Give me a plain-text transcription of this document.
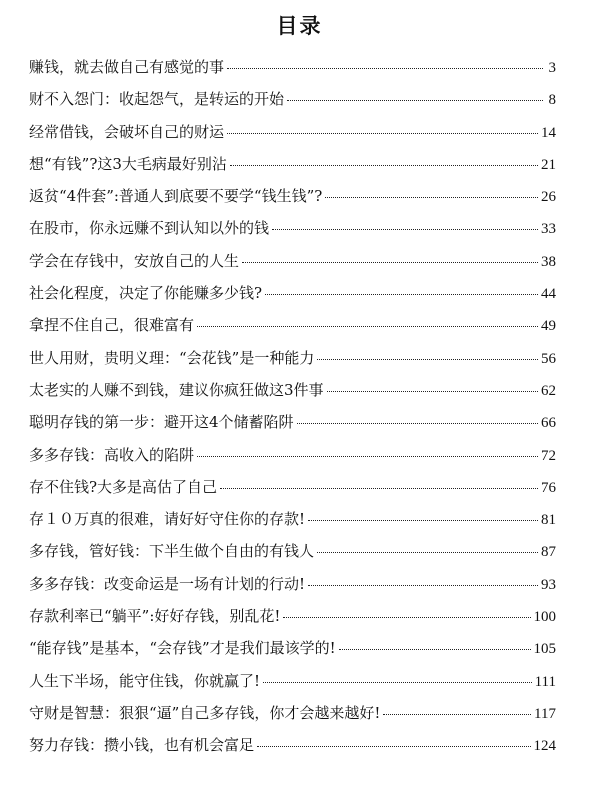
目录
赚钱，就去做自己有感觉的事	3
财不入怨门：收起怨气，是转运的开始	8
经常借钱，会破坏自己的财运	14
想“有钱”?这3大毛病最好别沾	21
返贫“4件套”:普通人到底要不要学“钱生钱”?	26
在股市，你永远赚不到认知以外的钱	33
学会在存钱中，安放自己的人生	38
社会化程度，决定了你能赚多少钱?	44
拿捏不住自己，很难富有	49
世人用财，贵明义理：“会花钱”是一种能力	56
太老实的人赚不到钱，建议你疯狂做这3件事	62
聪明存钱的第一步：避开这4个储蓄陷阱	66
多多存钱：高收入的陷阱	72
存不住钱?大多是高估了自己	76
存１０万真的很难，请好好守住你的存款!	81
多存钱，管好钱：下半生做个自由的有钱人	87
多多存钱：改变命运是一场有计划的行动!	93
存款利率已“躺平”:好好存钱，别乱花!	100
“能存钱”是基本，“会存钱”才是我们最该学的!	105
人生下半场，能守住钱，你就赢了!	111
守财是智慧：狠狠“逼”自己多存钱，你才会越来越好!	117
努力存钱：攒小钱，也有机会富足	124
